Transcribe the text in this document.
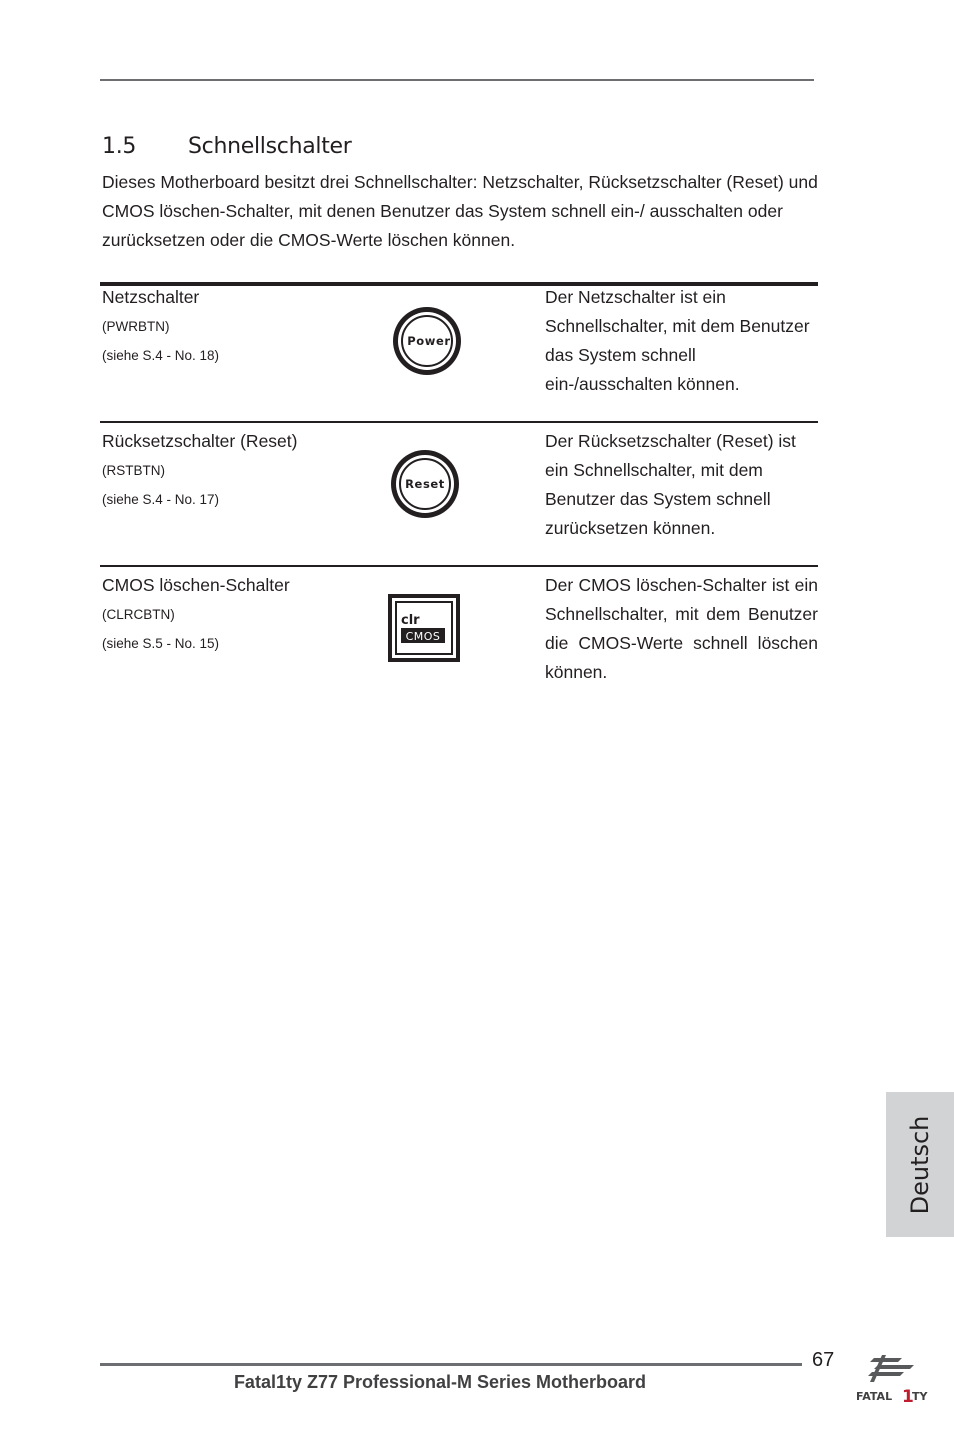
1.5 Schnellschalter
Dieses Motherboard besitzt drei Schnellschalter: Netzschalter, Rücksetzschalter (Reset) und CMOS löschen-Schalter, mit denen Benutzer das System schnell ein-/ ausschalten oder zurücksetzen oder die CMOS-Werte löschen können.
Netzschalter
(PWRBTN)
(siehe S.4 - No. 18)
Power
Der Netzschalter ist ein Schnellschalter, mit dem Benutzer das System schnell ein-/ausschalten können.
Rücksetzschalter (Reset)
(RSTBTN)
(siehe S.4 - No. 17)
Reset
Der Rücksetzschalter (Reset) ist ein Schnellschalter, mit dem Benutzer das System schnell zurücksetzen können.
CMOS löschen-Schalter
(CLRCBTN)
(siehe S.5 - No. 15)
clr
CMOS
Der CMOS löschen-Schalter ist ein Schnellschalter, mit dem Benutzer die CMOS-Werte schnell löschen können.
Deutsch
67
Fatal1ty Z77 Professional-M Series Motherboard
FATAL 1
TY
